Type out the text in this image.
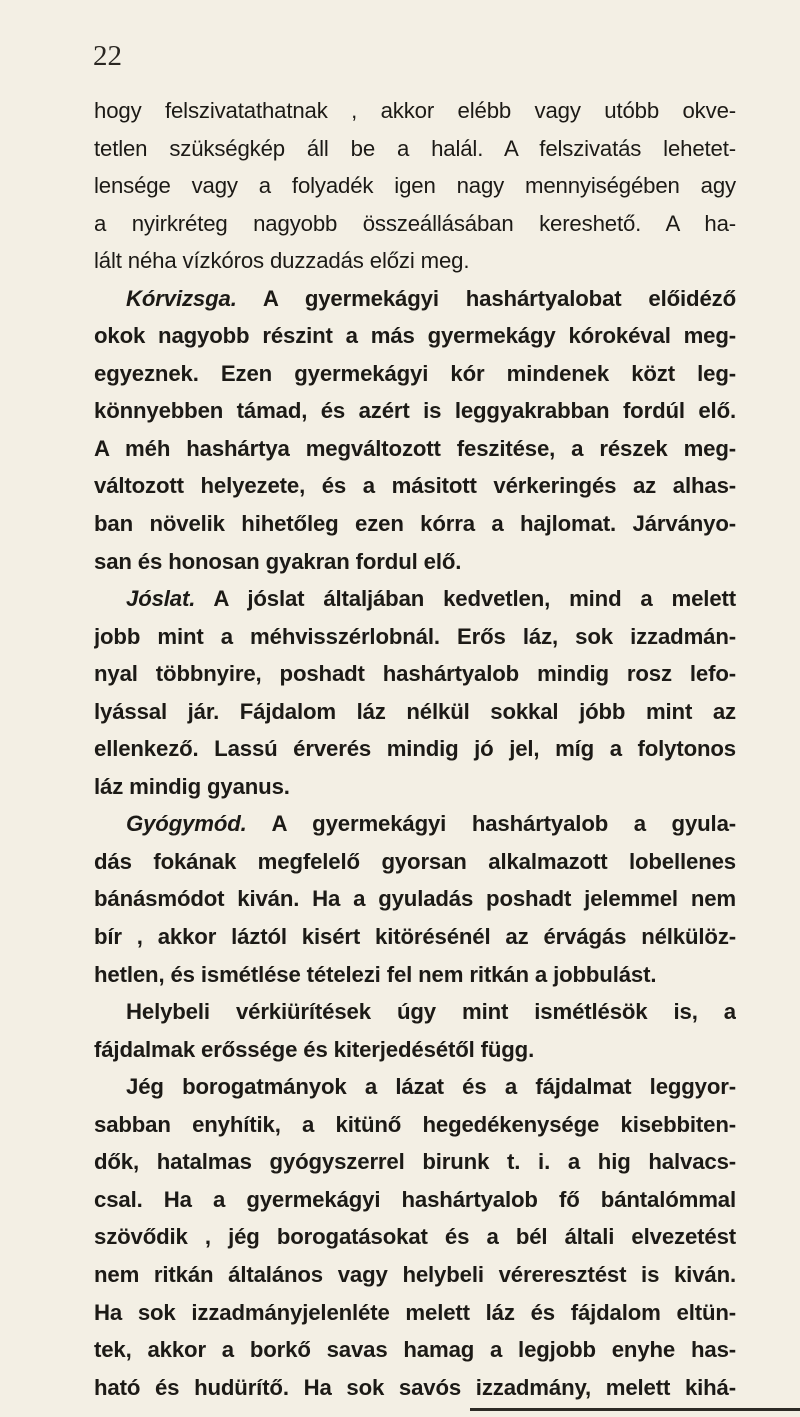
22
hogy felszivatathatnak , akkor elébb vagy utóbb okve-
tetlen szükségkép áll be a halál. A felszivatás lehetet-
lensége vagy a folyadék igen nagy mennyiségében agy
a nyirkréteg nagyobb összeállásában kereshető. A ha-
lált néha vízkóros duzzadás előzi meg.
Kórvizsga. A gyermekágyi hashártyalobat előidéző
okok nagyobb részint a más gyermekágy kórokéval meg-
egyeznek. Ezen gyermekágyi kór mindenek közt leg-
könnyebben támad, és azért is leggyakrabban fordúl elő.
A méh hashártya megváltozott feszitése, a részek meg-
változott helyezete, és a másitott vérkeringés az alhas-
ban növelik hihetőleg ezen kórra a hajlomat. Járványo-
san és honosan gyakran fordul elő.
Jóslat. A jóslat általjában kedvetlen, mind a melett
jobb mint a méhvisszérlobnál. Erős láz, sok izzadmán-
nyal többnyire, poshadt hashártyalob mindig rosz lefo-
lyással jár. Fájdalom láz nélkül sokkal jóbb mint az
ellenkező. Lassú érverés mindig jó jel, míg a folytonos
láz mindig gyanus.
Gyógymód. A gyermekágyi hashártyalob a gyula-
dás fokának megfelelő gyorsan alkalmazott lobellenes
bánásmódot kiván. Ha a gyuladás poshadt jelemmel nem
bír , akkor láztól kisért kitörésénél az érvágás nélkülöz-
hetlen, és ismétlése tételezi fel nem ritkán a jobbulást.
Helybeli vérkiürítések úgy mint ismétlésök is, a
fájdalmak erőssége és kiterjedésétől függ.
Jég borogatmányok a lázat és a fájdalmat leggyor-
sabban enyhítik, a kitünő hegedékenysége kisebbiten-
dők, hatalmas gyógyszerrel birunk t. i. a hig halvacs-
csal. Ha a gyermekágyi hashártyalob fő bántalómmal
szövődik , jég borogatásokat és a bél általi elvezetést
nem ritkán általános vagy helybeli véreresztést is kiván.
Ha sok izzadmányjelenléte melett láz és fájdalom eltün-
tek, akkor a borkő savas hamag a legjobb enyhe has-
ható és hudürítő. Ha sok savós izzadmány, melett kihá-
